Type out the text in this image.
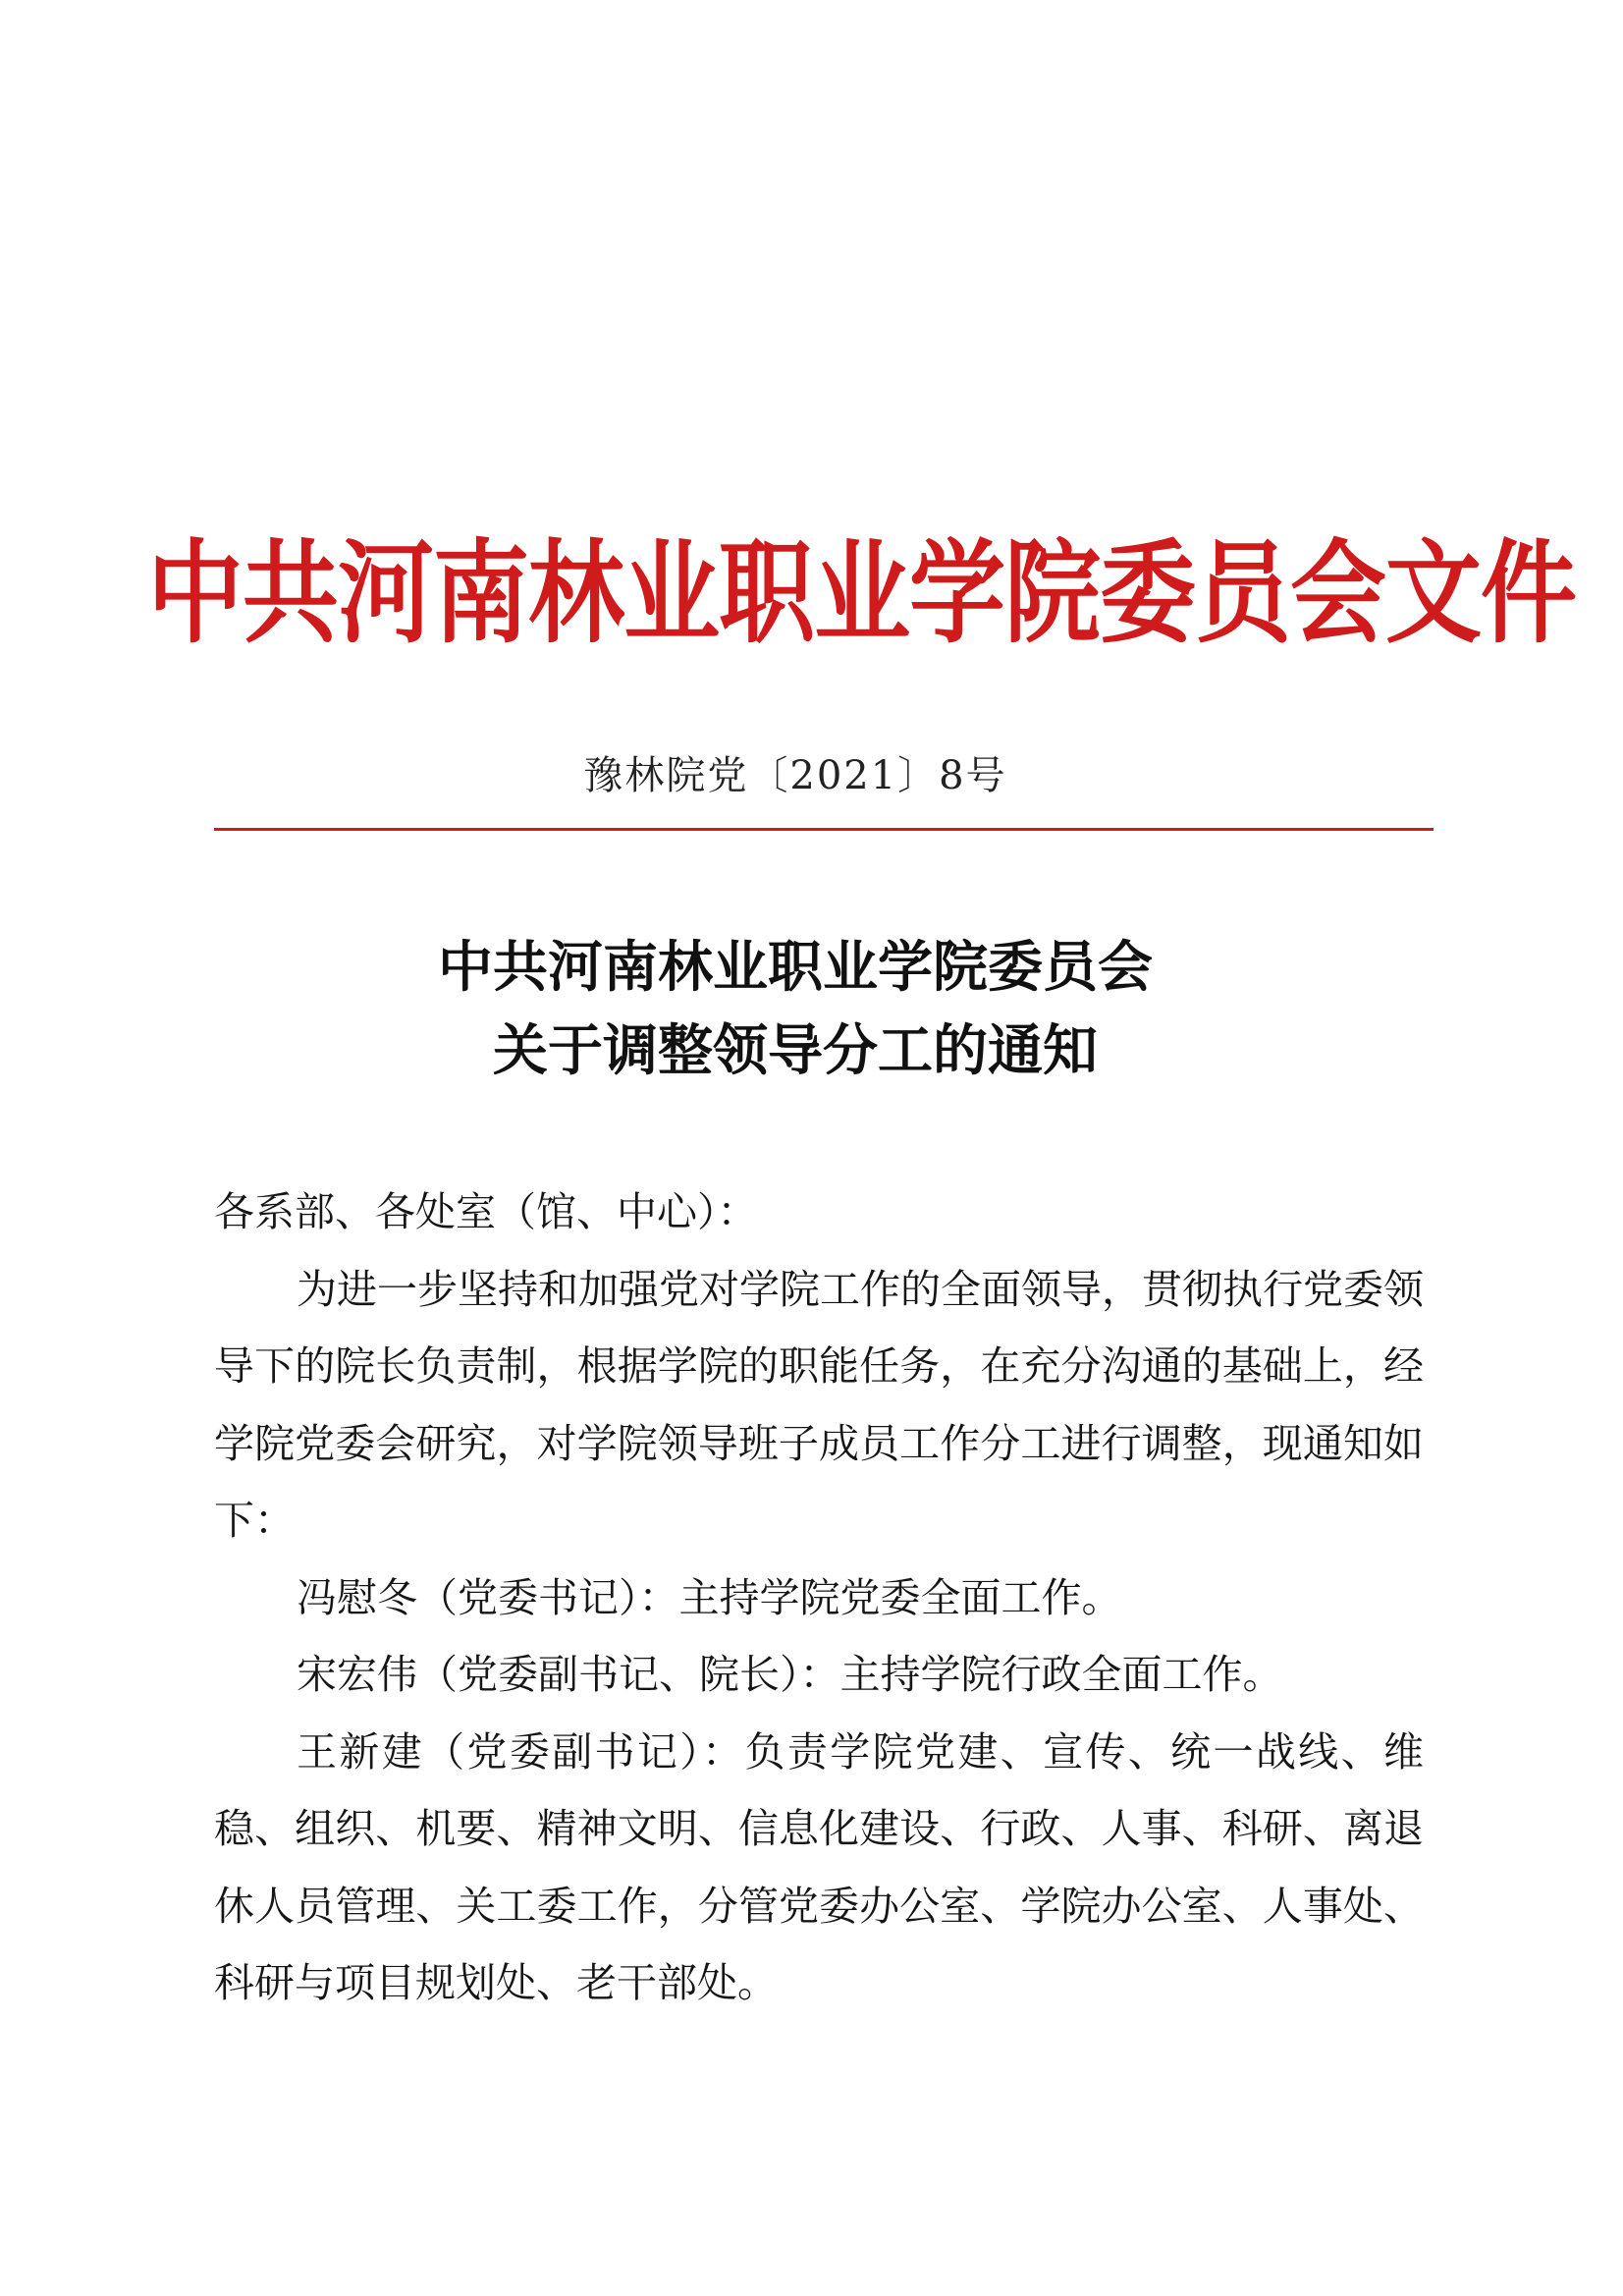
中共河南林业职业学院委员会文件
豫林院党〔2021〕8号
中共河南林业职业学院委员会
关于调整领导分工的通知

各系部、各处室（馆、中心）：

为进一步坚持和加强党对学院工作的全面领导，贯彻执行党委领导下的院长负责制，根据学院的职能任务，在充分沟通的基础上，经学院党委会研究，对学院领导班子成员工作分工进行调整，现通知如下：

冯慰冬（党委书记）：主持学院党委全面工作。

宋宏伟（党委副书记、院长）：主持学院行政全面工作。

王新建（党委副书记）：负责学院党建、宣传、统一战线、维稳、组织、机要、精神文明、信息化建设、行政、人事、科研、离退休人员管理、关工委工作，分管党委办公室、学院办公室、人事处、科研与项目规划处、老干部处。
